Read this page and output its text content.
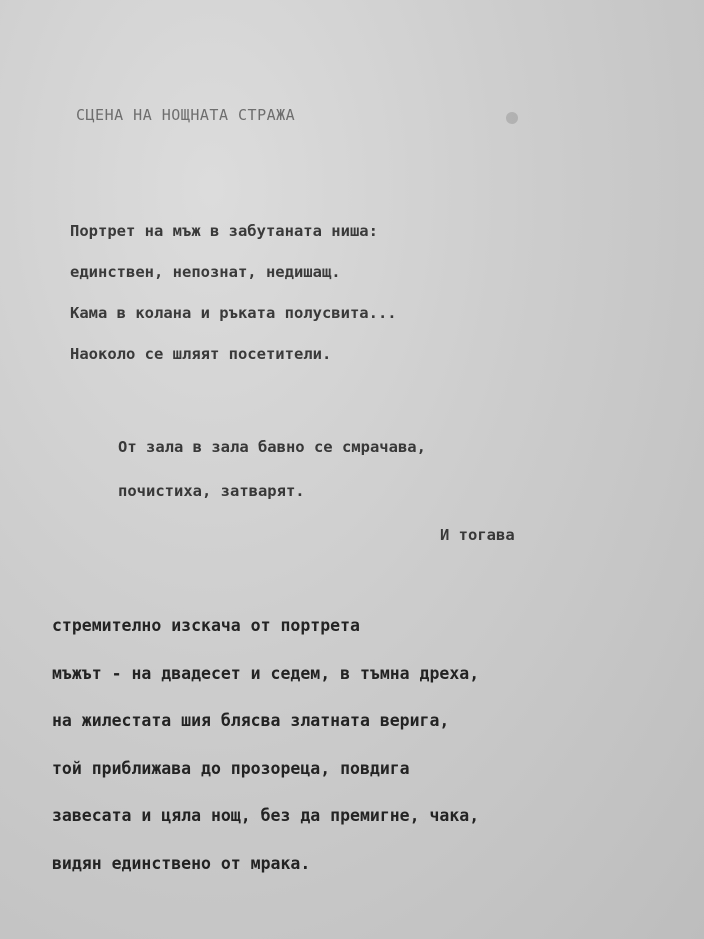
СЦЕНА НА НОЩНАТА СТРАЖА
Портрет на мъж в забутаната ниша:
единствен, непознат, недишащ.
Кама в колана и ръката полусвита...
Наоколо се шляят посетители.
От зала в зала бавно се смрачава,
почистиха, затварят.
И тогава
стремително изскача от портрета
мъжът - на двадесет и седем, в тъмна дреха,
на жилестата шия блясва златната верига,
той приближава до прозореца, повдига
завесата и цяла нощ, без да премигне, чака,
видян единствено от мрака.
